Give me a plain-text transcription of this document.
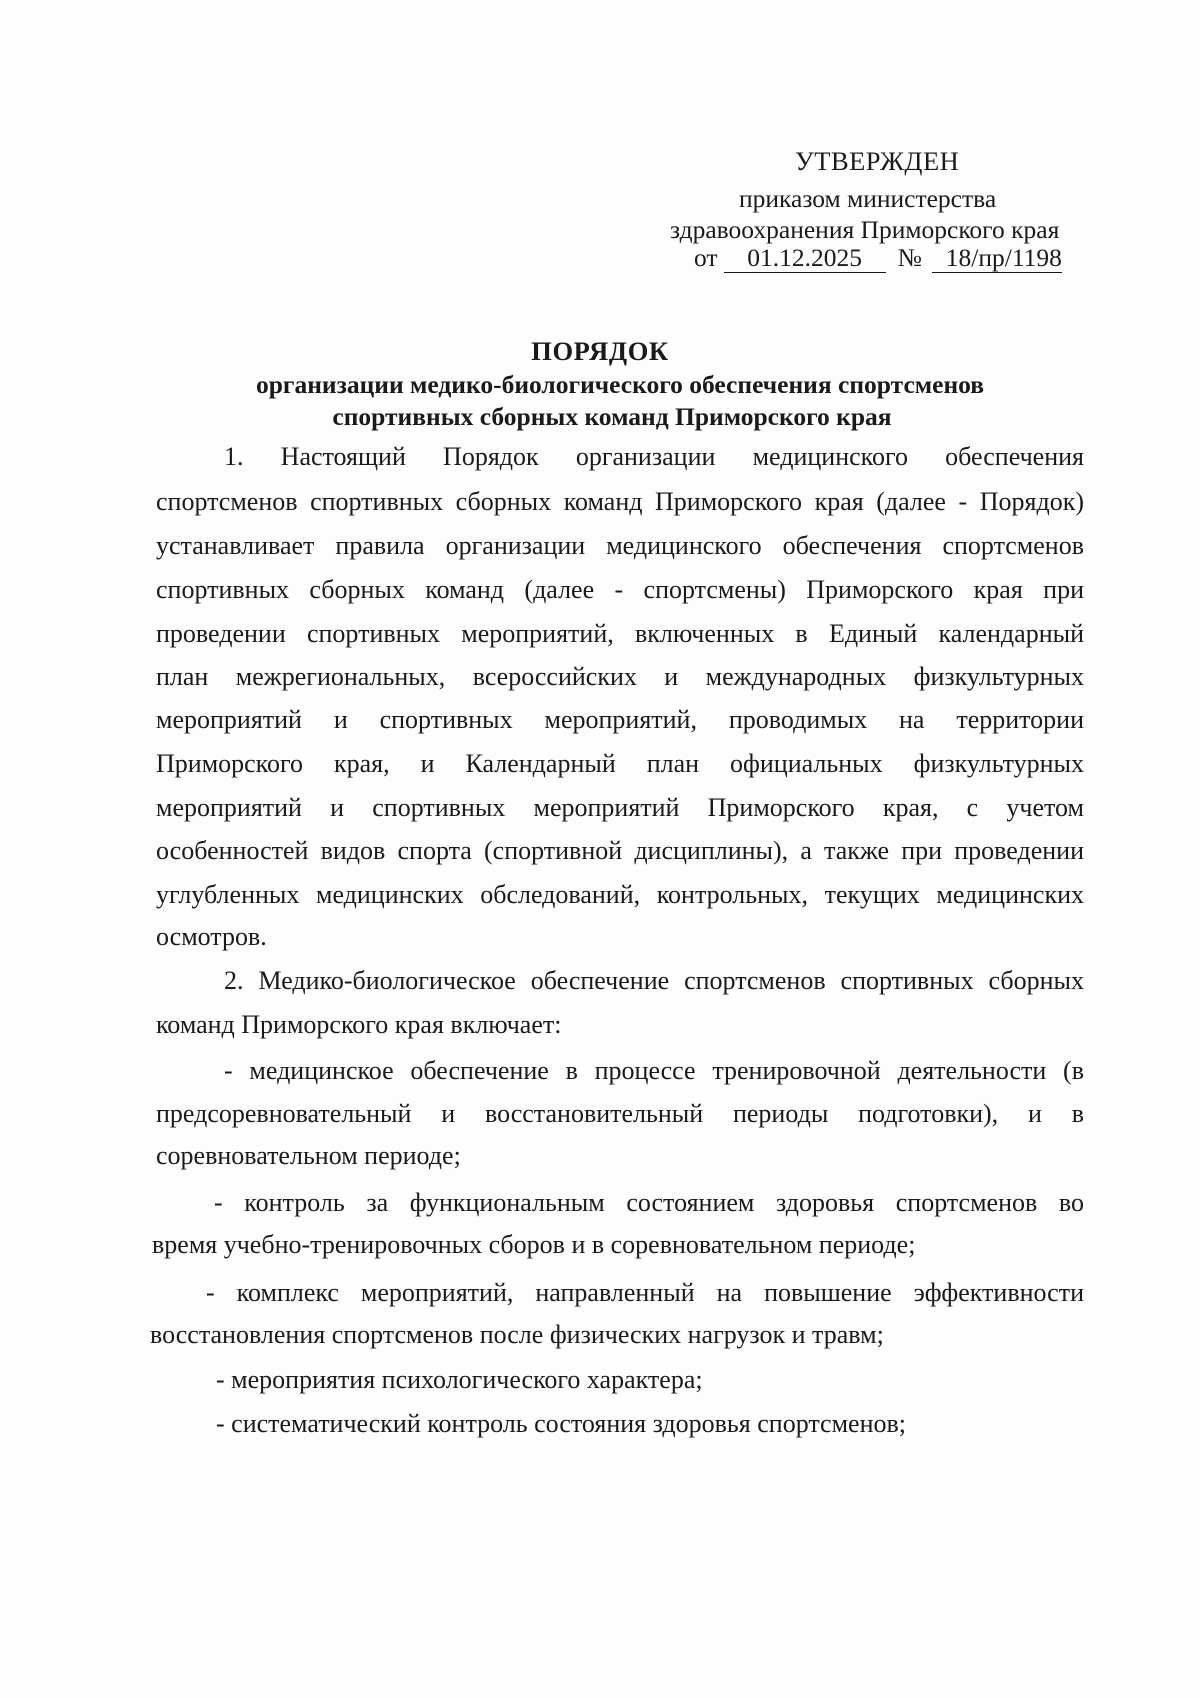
УТВЕРЖДЕН
приказом министерства
здравоохранения Приморского края
от 01.12.2025 № 18/пр/1198
ПОРЯДОК
организации медико-биологического обеспечения спортсменов
спортивных сборных команд Приморского края
1. Настоящий Порядок организации медицинского обеспечения
спортсменов спортивных сборных команд Приморского края (далее - Порядок)
устанавливает правила организации медицинского обеспечения спортсменов
спортивных сборных команд (далее - спортсмены) Приморского края при
проведении спортивных мероприятий, включенных в Единый календарный
план межрегиональных, всероссийских и международных физкультурных
мероприятий и спортивных мероприятий, проводимых на территории
Приморского края, и Календарный план официальных физкультурных
мероприятий и спортивных мероприятий Приморского края, с учетом
особенностей видов спорта (спортивной дисциплины), а также при проведении
углубленных медицинских обследований, контрольных, текущих медицинских
осмотров.
2. Медико-биологическое обеспечение спортсменов спортивных сборных
команд Приморского края включает:
- медицинское обеспечение в процессе тренировочной деятельности (в
предсоревновательный и восстановительный периоды подготовки), и в
соревновательном периоде;
- контроль за функциональным состоянием здоровья спортсменов во
время учебно-тренировочных сборов и в соревновательном периоде;
- комплекс мероприятий, направленный на повышение эффективности
восстановления спортсменов после физических нагрузок и травм;
- мероприятия психологического характера;
- систематический контроль состояния здоровья спортсменов;
